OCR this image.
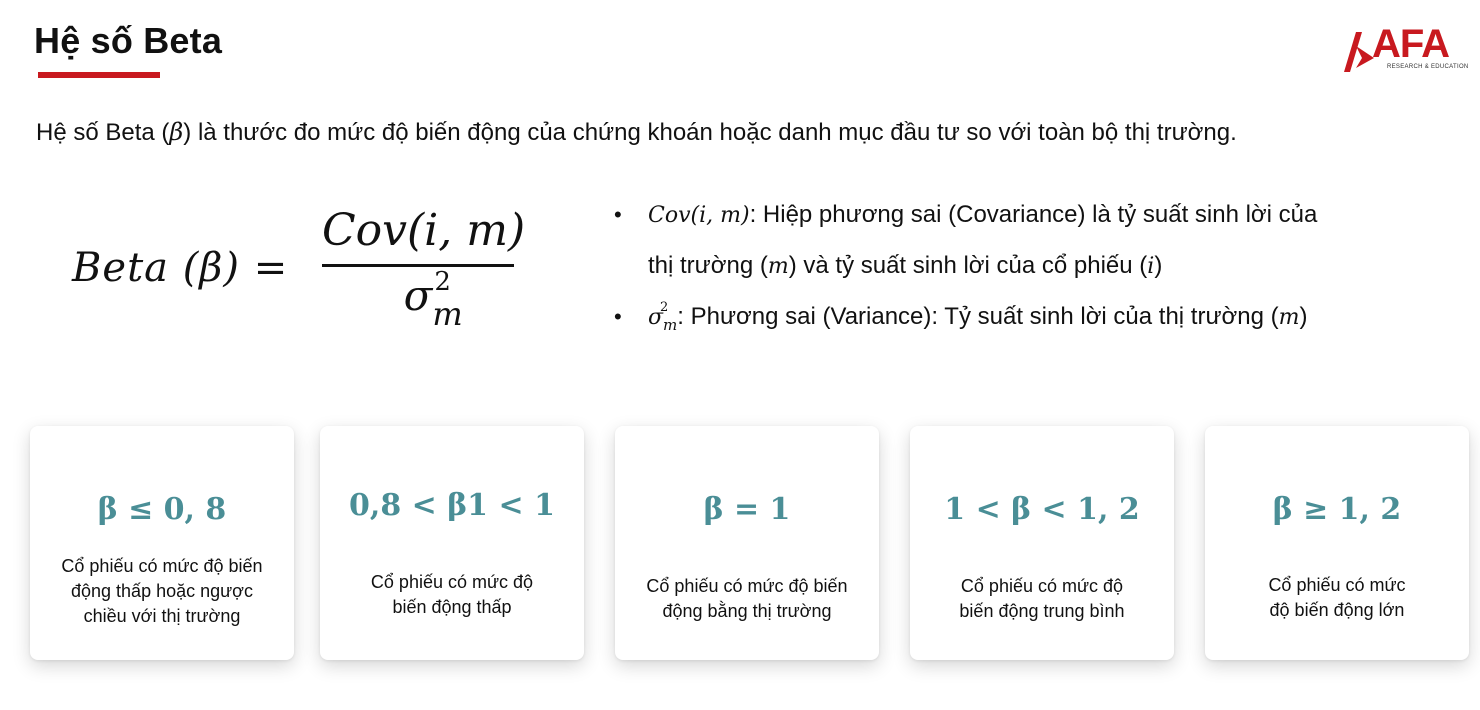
Hệ số Beta	AFA
RESEARCH & EDUCATION
Hệ số Beta (β) là thước đo mức độ biến động của chứng khoán hoặc danh mục đầu tư so với toàn bộ thị trường.
Beta (β) =
Cov(i, m)
σ 2
m
• Cov(i, m): Hiệp phương sai (Covariance) là tỷ suất sinh lời của
thị trường (m) và tỷ suất sinh lời của cổ phiếu (i)
• σ
2
$_m$: Phương sai (Variance): Tỷ suất sinh lời của thị trường (m)
β ≤ 0, 8
Cổ phiếu có mức độ biến
động thấp hoặc ngược
chiều với thị trường
0,8 < β1 < 1
Cổ phiếu có mức độ
biến động thấp
β = 1
Cổ phiếu có mức độ biến
động bằng thị trường
1 < β < 1, 2
Cổ phiếu có mức độ
biến động trung bình
β ≥ 1, 2
Cổ phiếu có mức
độ biến động lớn
